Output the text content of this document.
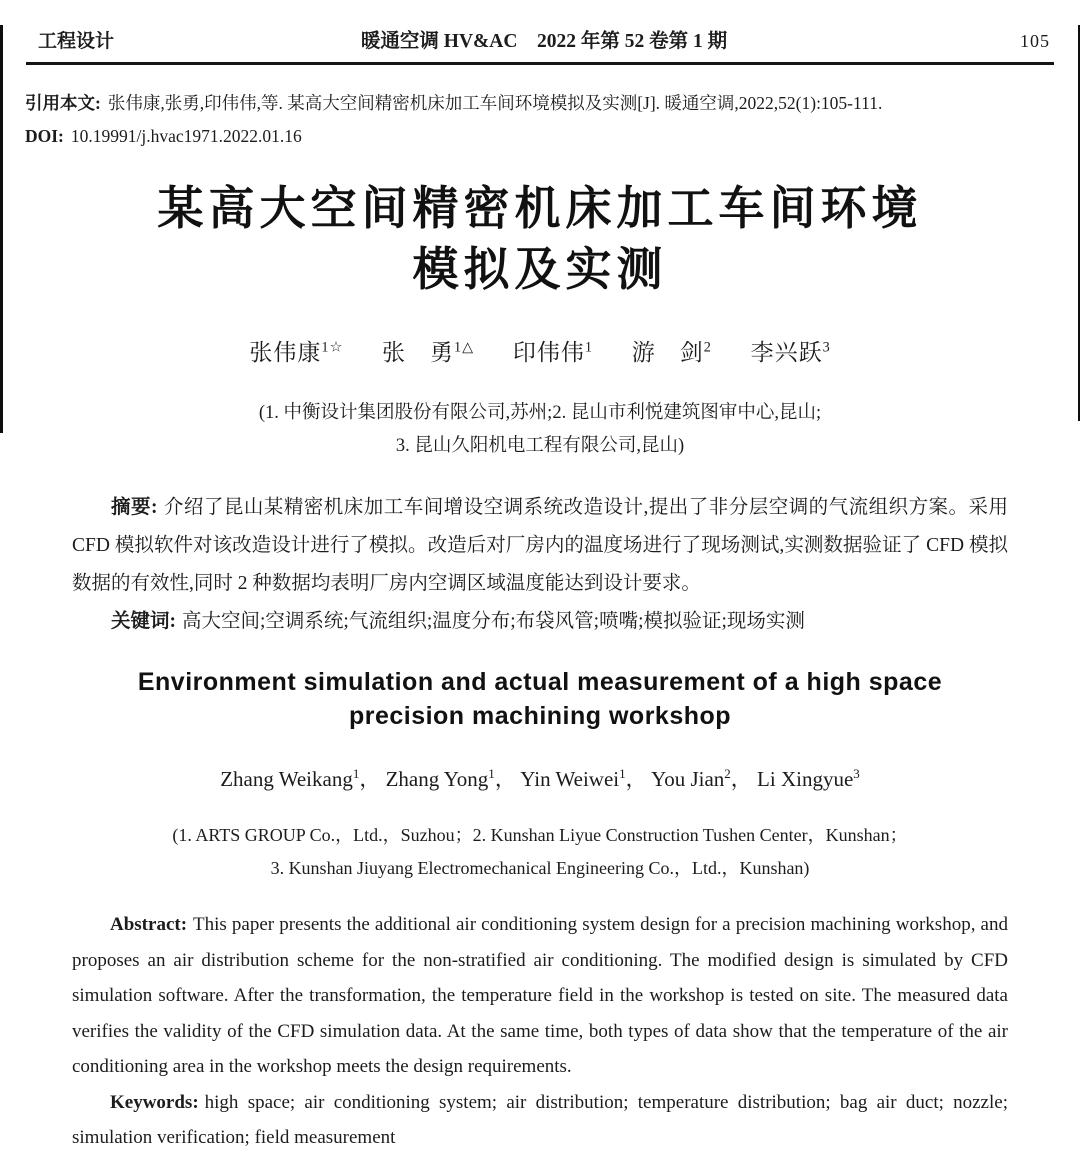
工程设计	暖通空调 HV&AC　2022 年第 52 卷第 1 期	105
引用本文: 张伟康,张勇,印伟伟,等. 某高大空间精密机床加工车间环境模拟及实测[J]. 暖通空调,2022,52(1):105-111.
DOI: 10.19991/j.hvac1971.2022.01.16
某高大空间精密机床加工车间环境
模拟及实测
张伟康$^{1☆}$ 张　勇$^{1\triangle}$ 印伟伟$^1$ 游　剑$^2$ 李兴跃$^3$
(1. 中衡设计集团股份有限公司,苏州;2. 昆山市利悦建筑图审中心,昆山;
3. 昆山久阳机电工程有限公司,昆山)

摘要: 介绍了昆山某精密机床加工车间增设空调系统改造设计,提出了非分层空调的气流组织方案。采用 CFD 模拟软件对该改造设计进行了模拟。改造后对厂房内的温度场进行了现场测试,实测数据验证了 CFD 模拟数据的有效性,同时 2 种数据均表明厂房内空调区域温度能达到设计要求。

关键词: 高大空间;空调系统;气流组织;温度分布;布袋风管;喷嘴;模拟验证;现场实测

Environment simulation and actual measurement of a high space
precision machining workshop
Zhang Weikang$^1$， Zhang Yong$^1$， Yin Weiwei$^1$， You Jian$^2$， Li Xingyue$^3$
(1. ARTS GROUP Co.，Ltd.，Suzhou；2. Kunshan Liyue Construction Tushen Center，Kunshan；
3. Kunshan Jiuyang Electromechanical Engineering Co.，Ltd.，Kunshan)

Abstract: This paper presents the additional air conditioning system design for a precision machining workshop, and proposes an air distribution scheme for the non-stratified air conditioning. The modified design is simulated by CFD simulation software. After the transformation, the temperature field in the workshop is tested on site. The measured data verifies the validity of the CFD simulation data. At the same time, both types of data show that the temperature of the air conditioning area in the workshop meets the design requirements.

Keywords: high space; air conditioning system; air distribution; temperature distribution; bag air duct; nozzle; simulation verification; field measurement
